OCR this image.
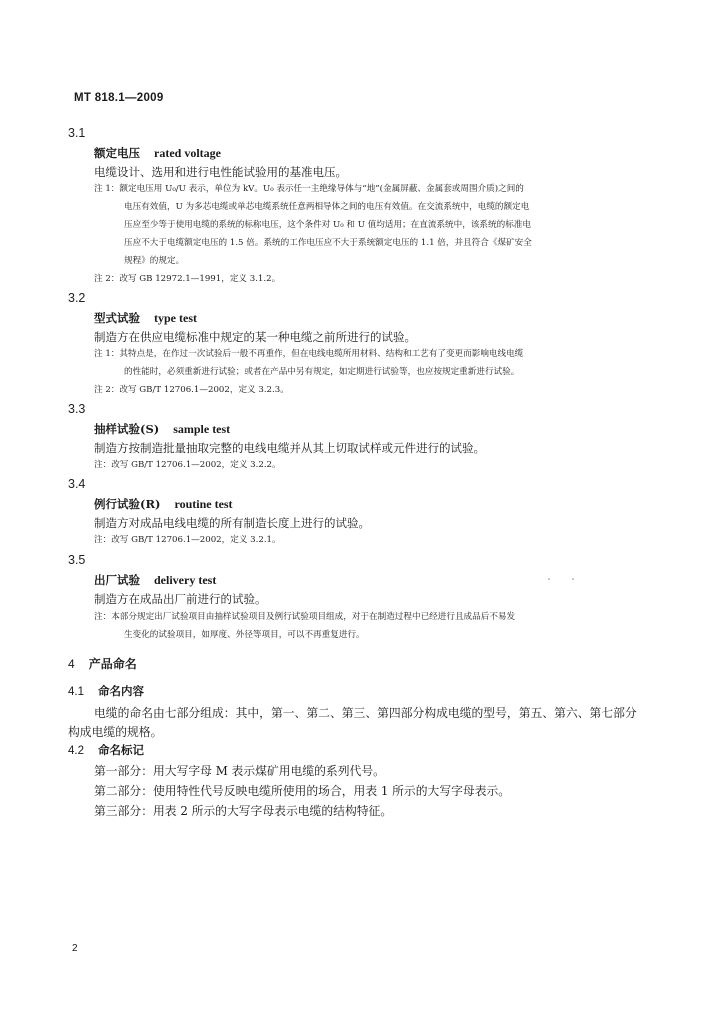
MT 818.1—2009
3.1
额定电压 rated voltage
电缆设计、选用和进行电性能试验用的基准电压。
注 1：额定电压用 U₀/U 表示，单位为 kV。U₀ 表示任一主绝缘导体与“地”(金属屏蔽、金属套或周围介质)之间的
电压有效值，U 为多芯电缆或单芯电缆系统任意两相导体之间的电压有效值。在交流系统中，电缆的额定电
压应至少等于使用电缆的系统的标称电压，这个条件对 U₀ 和 U 值均适用；在直流系统中，该系统的标准电
压应不大于电缆额定电压的 1.5 倍。系统的工作电压应不大于系统额定电压的 1.1 倍，并且符合《煤矿安全
规程》的规定。
注 2：改写 GB 12972.1—1991，定义 3.1.2。
3.2
型式试验 type test
制造方在供应电缆标准中规定的某一种电缆之前所进行的试验。
注 1：其特点是，在作过一次试验后一般不再重作，但在电线电缆所用材料、结构和工艺有了变更而影响电线电缆
的性能时，必须重新进行试验；或者在产品中另有规定，如定期进行试验等，也应按规定重新进行试验。
注 2：改写 GB/T 12706.1—2002，定义 3.2.3。
3.3
抽样试验(S) sample test
制造方按制造批量抽取完整的电线电缆并从其上切取试样或元件进行的试验。
注：改写 GB/T 12706.1—2002，定义 3.2.2。
3.4
例行试验(R) routine test
制造方对成品电线电缆的所有制造长度上进行的试验。
注：改写 GB/T 12706.1—2002，定义 3.2.1。
3.5
出厂试验 delivery test
制造方在成品出厂前进行的试验。
注：本部分规定出厂试验项目由抽样试验项目及例行试验项目组成，对于在制造过程中已经进行且成品后不易发
生变化的试验项目，如厚度、外径等项目，可以不再重复进行。
4 产品命名
4.1 命名内容
电缆的命名由七部分组成：其中，第一、第二、第三、第四部分构成电缆的型号，第五、第六、第七部分
构成电缆的规格。
4.2 命名标记
第一部分：用大写字母 M 表示煤矿用电缆的系列代号。
第二部分：使用特性代号反映电缆所使用的场合，用表 1 所示的大写字母表示。
第三部分：用表 2 所示的大写字母表示电缆的结构特征。
2
